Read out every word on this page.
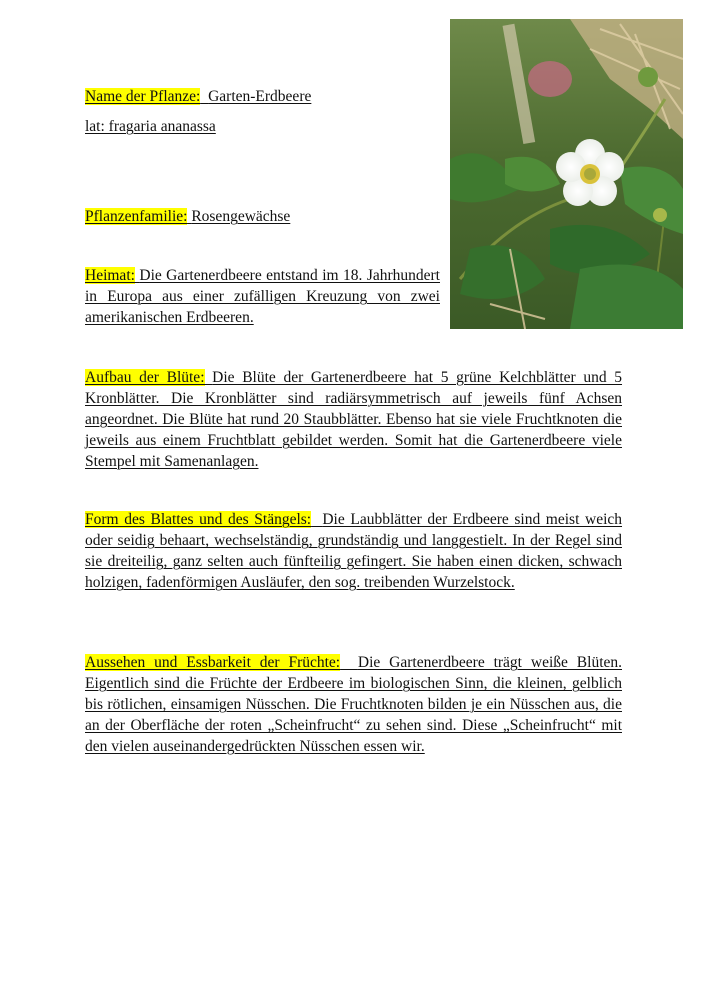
Name der Pflanze: Garten-Erdbeere
lat: fragaria ananassa
Pflanzenfamilie: Rosengewächse
Heimat: Die Gartenerdbeere entstand im 18. Jahrhundert in Europa aus einer zufälligen Kreuzung von zwei amerikanischen Erdbeeren.
Aufbau der Blüte: Die Blüte der Gartenerdbeere hat 5 grüne Kelchblätter und 5 Kronblätter. Die Kronblätter sind radiärsymmetrisch auf jeweils fünf Achsen angeordnet. Die Blüte hat rund 20 Staubblätter. Ebenso hat sie viele Fruchtknoten die jeweils aus einem Fruchtblatt gebildet werden. Somit hat die Gartenerdbeere viele Stempel mit Samenanlagen.
Form des Blattes und des Stängels: Die Laubblätter der Erdbeere sind meist weich oder seidig behaart, wechselständig, grundständig und langgestielt. In der Regel sind sie dreiteilig, ganz selten auch fünfteilig gefingert. Sie haben einen dicken, schwach holzigen, fadenförmigen Ausläufer, den sog. treibenden Wurzelstock.
Aussehen und Essbarkeit der Früchte: Die Gartenerdbeere trägt weiße Blüten. Eigentlich sind die Früchte der Erdbeere im biologischen Sinn, die kleinen, gelblich bis rötlichen, einsamigen Nüsschen. Die Fruchtknoten bilden je ein Nüsschen aus, die an der Oberfläche der roten „Scheinfrucht“ zu sehen sind. Diese „Scheinfrucht“ mit den vielen auseinandergedrückten Nüsschen essen wir.
